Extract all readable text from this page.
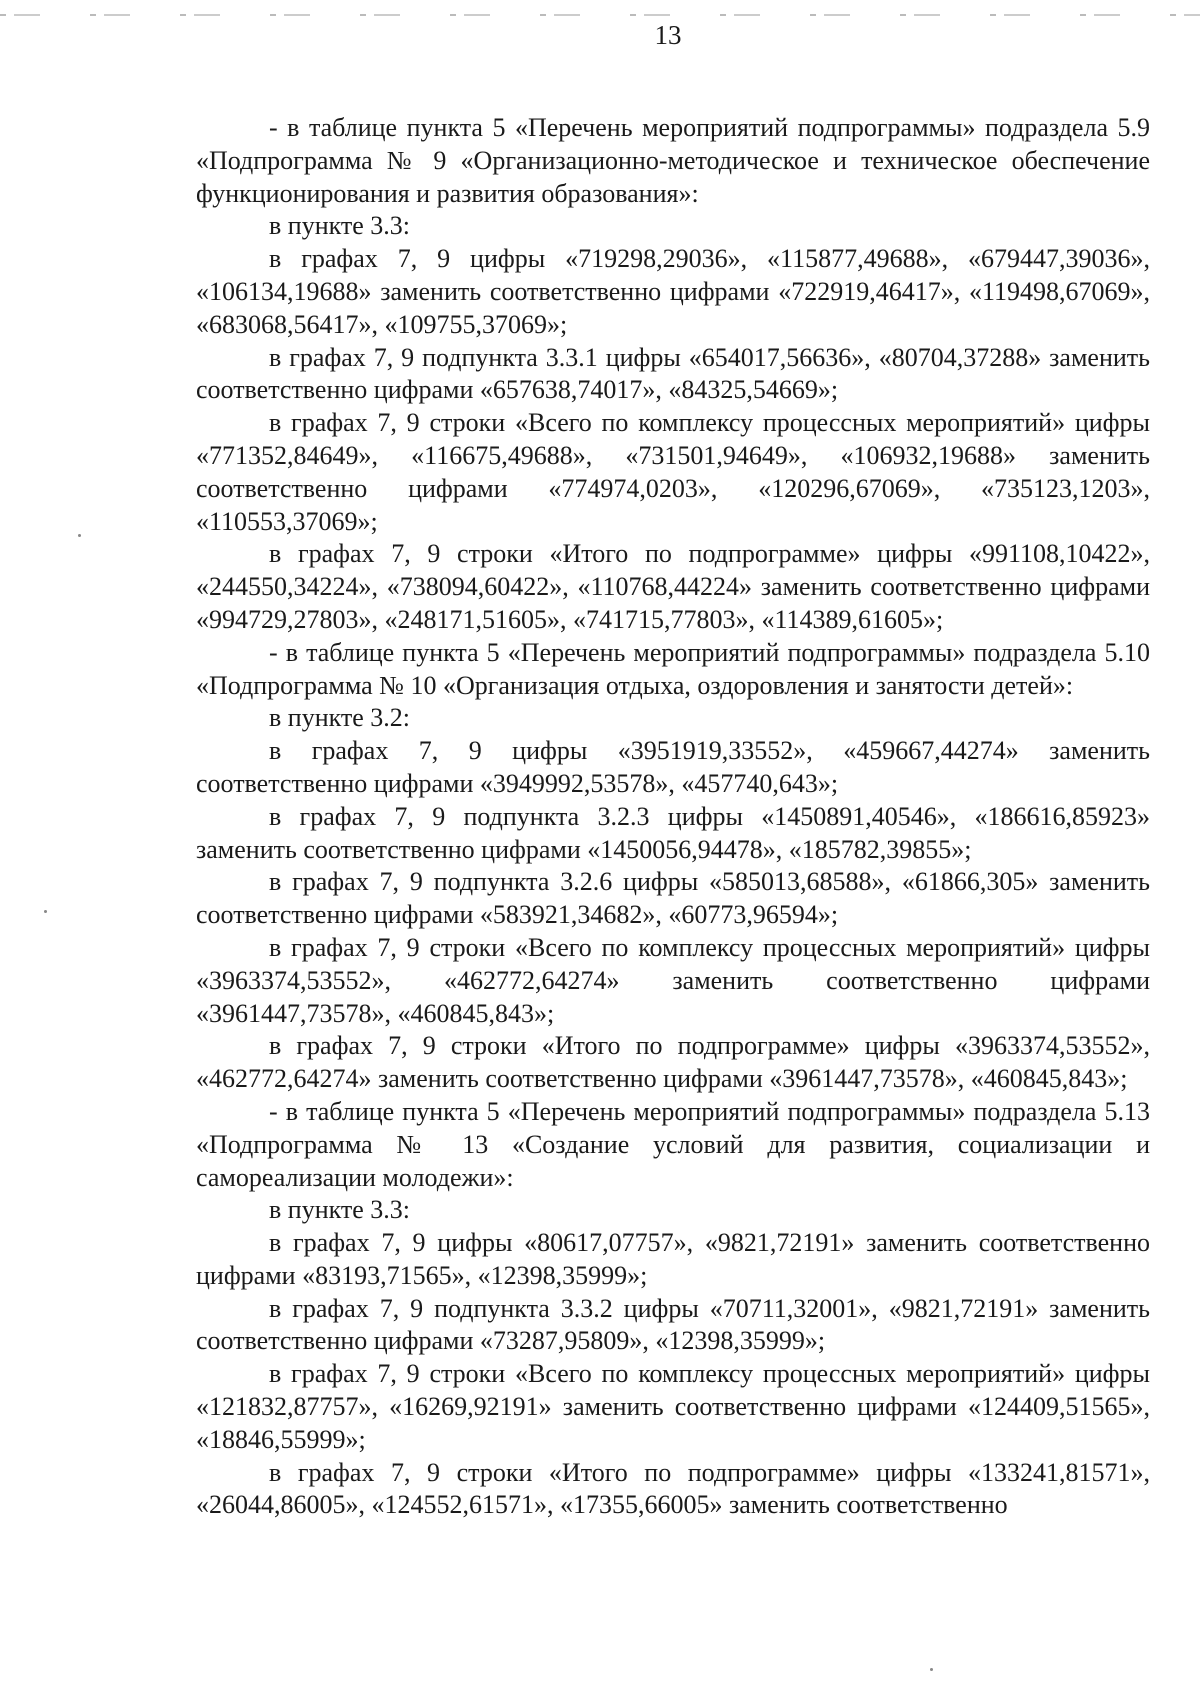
13

- в таблице пункта 5 «Перечень мероприятий подпрограммы» подраздела 5.9 «Подпрограмма № 9 «Организационно-методическое и техническое обеспечение функционирования и развития образования»:

в пункте 3.3:

в графах 7, 9 цифры «719298,29036», «115877,49688», «679447,39036», «106134,19688» заменить соответственно цифрами «722919,46417», «119498,67069», «683068,56417», «109755,37069»;

в графах 7, 9 подпункта 3.3.1 цифры «654017,56636», «80704,37288» заменить соответственно цифрами «657638,74017», «84325,54669»;

в графах 7, 9 строки «Всего по комплексу процессных мероприятий» цифры «771352,84649», «116675,49688», «731501,94649», «106932,19688» заменить соответственно цифрами «774974,0203», «120296,67069», «735123,1203», «110553,37069»;

в графах 7, 9 строки «Итого по подпрограмме» цифры «991108,10422», «244550,34224», «738094,60422», «110768,44224» заменить соответственно цифрами «994729,27803», «248171,51605», «741715,77803», «114389,61605»;

- в таблице пункта 5 «Перечень мероприятий подпрограммы» подраздела 5.10 «Подпрограмма № 10 «Организация отдыха, оздоровления и занятости детей»:

в пункте 3.2:

в графах 7, 9 цифры «3951919,33552», «459667,44274» заменить соответственно цифрами «3949992,53578», «457740,643»;

в графах 7, 9 подпункта 3.2.3 цифры «1450891,40546», «186616,85923» заменить соответственно цифрами «1450056,94478», «185782,39855»;

в графах 7, 9 подпункта 3.2.6 цифры «585013,68588», «61866,305» заменить соответственно цифрами «583921,34682», «60773,96594»;

в графах 7, 9 строки «Всего по комплексу процессных мероприятий» цифры «3963374,53552», «462772,64274» заменить соответственно цифрами «3961447,73578», «460845,843»;

в графах 7, 9 строки «Итого по подпрограмме» цифры «3963374,53552», «462772,64274» заменить соответственно цифрами «3961447,73578», «460845,843»;

- в таблице пункта 5 «Перечень мероприятий подпрограммы» подраздела 5.13 «Подпрограмма № 13 «Создание условий для развития, социализации и самореализации молодежи»:

в пункте 3.3:

в графах 7, 9 цифры «80617,07757», «9821,72191» заменить соответственно цифрами «83193,71565», «12398,35999»;

в графах 7, 9 подпункта 3.3.2 цифры «70711,32001», «9821,72191» заменить соответственно цифрами «73287,95809», «12398,35999»;

в графах 7, 9 строки «Всего по комплексу процессных мероприятий» цифры «121832,87757», «16269,92191» заменить соответственно цифрами «124409,51565», «18846,55999»;

в графах 7, 9 строки «Итого по подпрограмме» цифры «133241,81571», «26044,86005», «124552,61571», «17355,66005» заменить соответственно
